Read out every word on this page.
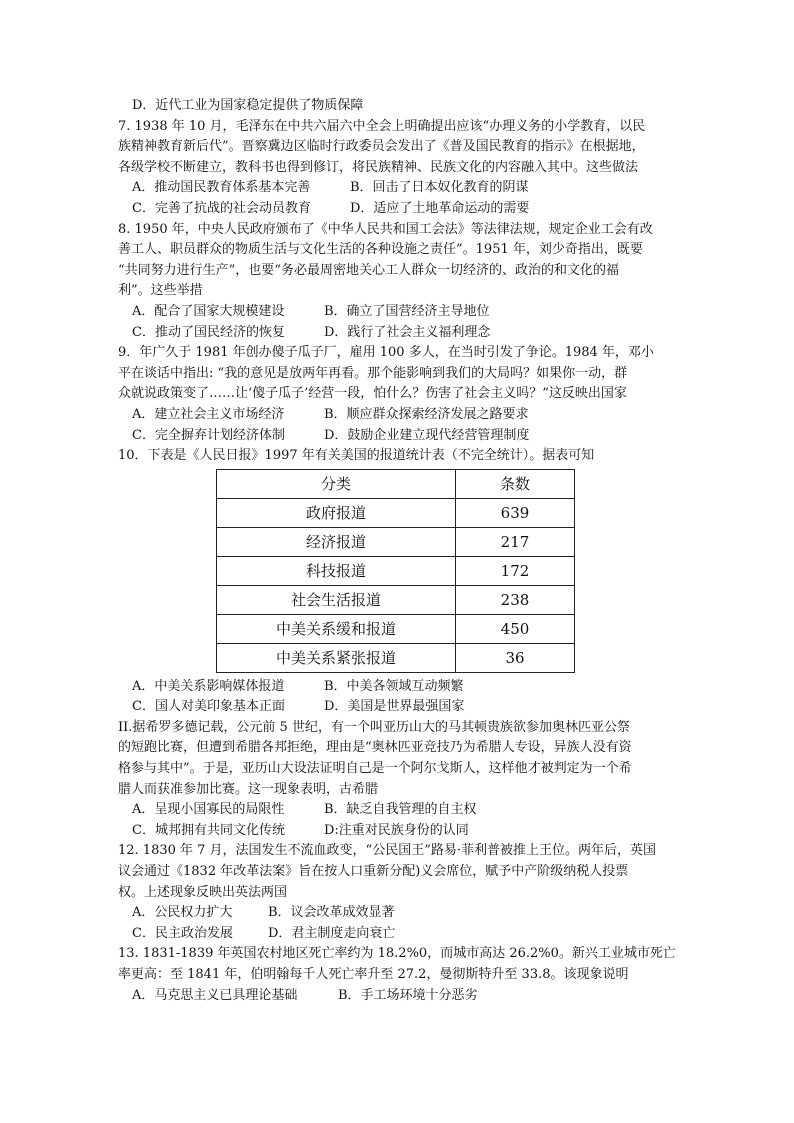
D．近代工业为国家稳定提供了物质保障
7. 1938 年 10 月，毛泽东在中共六届六中全会上明确提出应该“办理义务的小学教育，以民
族精神教育新后代”。晋察冀边区临时行政委员会发出了《普及国民教育的指示》在根据地，
各级学校不断建立，教科书也得到修订，将民族精神、民族文化的内容融入其中。这些做法
A．推动国民教育体系基本完善	B．回击了日本奴化教育的阴谋
C．完善了抗战的社会动员教育	D．适应了土地革命运动的需要
8. 1950 年，中央人民政府颁布了《中华人民共和国工会法》等法律法规，规定企业工会有改
善工人、职员群众的物质生活与文化生活的各种设施之责任”。1951 年，刘少奇指出，既要
“共同努力进行生产”，也要“务必最周密地关心工人群众一切经济的、政治的和文化的福
利”。这些举措
A．配合了国家大规模建设	B．确立了国营经济主导地位
C．推动了国民经济的恢复	D．践行了社会主义福利理念
9．年广久于 1981 年创办傻子瓜子厂，雇用 100 多人，在当时引发了争论。1984 年，邓小
平在谈话中指出: “我的意见是放两年再看。那个能影响到我们的大局吗？如果你一动，群
众就说政策变了……让‘傻子瓜子’经营一段，怕什么？伤害了社会主义吗？”这反映出国家
A．建立社会主义市场经济	B．顺应群众探索经济发展之路要求
C．完全摒弃计划经济体制	D．鼓励企业建立现代经营管理制度
10．下表是《人民日报》1997 年有关美国的报道统计表（不完全统计）。据表可知
分类	条数
政府报道	639
经济报道	217
科技报道	172
社会生活报道	238
中美关系缓和报道	450
中美关系紧张报道	36
A．中美关系影响媒体报道	B．中美各领域互动频繁
C．国人对美印象基本正面	D．美国是世界最强国家
II.据希罗多德记载，公元前 5 世纪，有一个叫亚历山大的马其顿贵族欲参加奥林匹亚公祭
的短跑比赛，但遭到希腊各邦拒绝，理由是“奥林匹亚竞技乃为希腊人专设，异族人没有资
格参与其中”。于是，亚历山大设法证明自己是一个阿尔戈斯人，这样他才被判定为一个希
腊人而获准参加比赛。这一现象表明，古希腊
A．呈现小国寡民的局限性	B．缺乏自我管理的自主权
C．城邦拥有共同文化传统	D:注重对民族身份的认同
12. 1830 年 7 月，法国发生不流血政变，“公民国王”路易·菲利普被推上王位。两年后，英国
议会通过《1832 年改革法案》旨在按人口重新分配)义会席位，赋予中产阶级纳税人投票
权。上述现象反映出英法两国
A．公民权力扩大	B．议会改革成效显著
C．民主政治发展	D．君主制度走向衰亡
13. 1831-1839 年英国农村地区死亡率约为 18.2%0，而城市高达 26.2%0。新兴工业城市死亡
率更高：至 1841 年，伯明翰每千人死亡率升至 27.2，曼彻斯特升至 33.8。该现象说明
A．马克思主义已具理论基础	B．手工场环境十分恶劣
